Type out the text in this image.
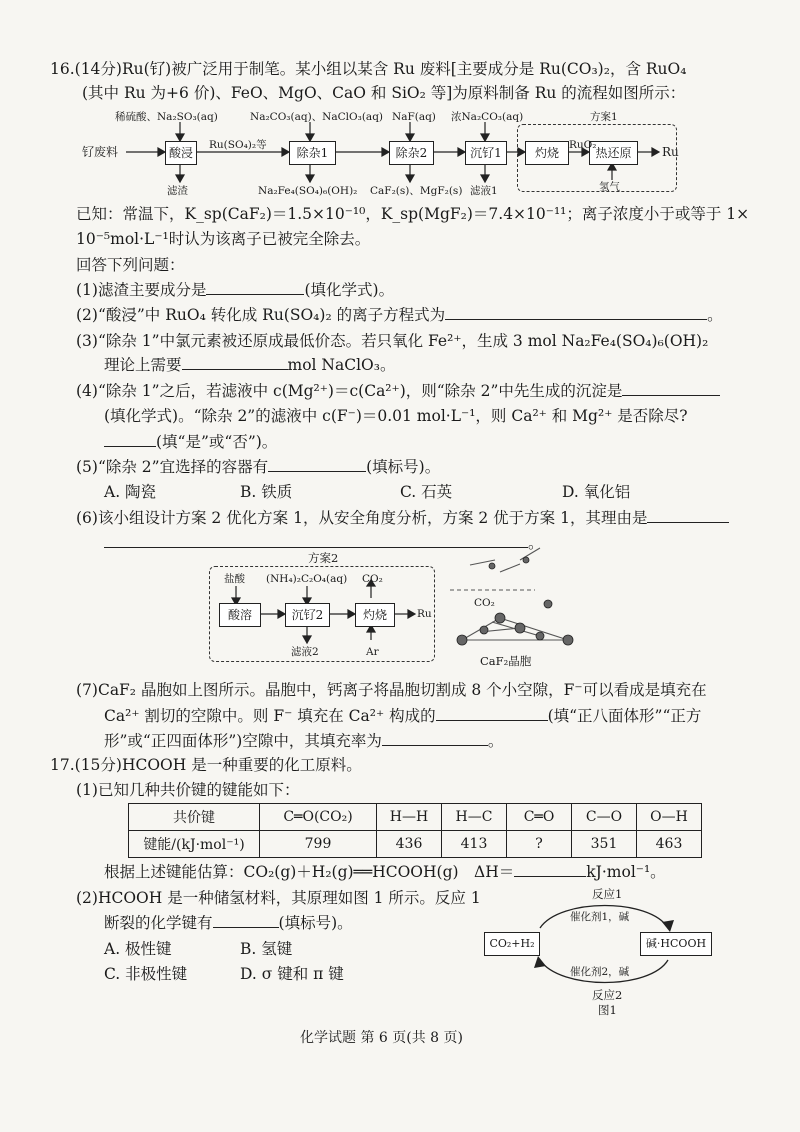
16.(14分)Ru(钌)被广泛用于制笔。某小组以某含 Ru 废料[主要成分是 Ru(CO₃)₂，含 RuO₄
(其中 Ru 为+6 价)、FeO、MgO、CaO 和 SiO₂ 等]为原料制备 Ru 的流程如图所示：
钌废料	酸浸	除杂1	除杂2	沉钌1	灼烧	热还原	Ru
方案1
稀硫酸、Na₂SO₃(aq)	Na₂CO₃(aq)、NaClO₃(aq) NaF(aq) 浓Na₂CO₃(aq)
Ru(SO₄)₂等	RuO₂
滤渣	Na₂Fe₄(SO₄)₆(OH)₂ CaF₂(s)、MgF₂(s) 滤液1	氢气
已知：常温下，K_sp(CaF₂)＝1.5×10⁻¹⁰，K_sp(MgF₂)＝7.4×10⁻¹¹；离子浓度小于或等于 1×
10⁻⁵mol·L⁻¹时认为该离子已被完全除去。
回答下列问题：
(1)滤渣主要成分是	(填化学式)。
(2)“酸浸”中 RuO₄ 转化成 Ru(SO₄)₂ 的离子方程式为	。
(3)“除杂 1”中氯元素被还原成最低价态。若只氧化 Fe²⁺，生成 3 mol Na₂Fe₄(SO₄)₆(OH)₂
理论上需要	mol NaClO₃。
(4)“除杂 1”之后，若滤液中 c(Mg²⁺)＝c(Ca²⁺)，则“除杂 2”中先生成的沉淀是
(填化学式)。“除杂 2”的滤液中 c(F⁻)＝0.01 mol·L⁻¹，则 Ca²⁺ 和 Mg²⁺ 是否除尽?
(填“是”或“否”)。
(5)“除杂 2”宜选择的容器有	(填标号)。
A. 陶瓷	B. 铁质	C. 石英	D. 氧化铝
(6)该小组设计方案 2 优化方案 1，从安全角度分析，方案 2 优于方案 1，其理由是
。
方案2
盐酸 (NH₄)₂C₂O₄(aq) CO₂
酸溶	沉钌2	灼烧	Ru
滤液2	Ar
CO₂
CaF₂晶胞
(7)CaF₂ 晶胞如上图所示。晶胞中，钙离子将晶胞切割成 8 个小空隙，F⁻可以看成是填充在
Ca²⁺ 割切的空隙中。则 F⁻ 填充在 Ca²⁺ 构成的	(填“正八面体形”“正方
形”或“正四面体形”)空隙中，其填充率为	。
17.(15分)HCOOH 是一种重要的化工原料。
(1)已知几种共价键的键能如下：
共价键	C═O(CO₂)	H—H	H—C	C═O	C—O	O—H
键能/(kJ·mol⁻¹)	799	436	413	?	351	463
根据上述键能估算：CO₂(g)＋H₂(g)══HCOOH(g)　ΔH＝	kJ·mol⁻¹。
(2)HCOOH 是一种储氢材料，其原理如图 1 所示。反应 1
断裂的化学键有	(填标号)。
A. 极性键	B. 氢键
C. 非极性键	D. σ 键和 π 键
反应1
催化剂1，碱
CO₂+H₂	碱·HCOOH
催化剂2，碱
反应2
图1
化学试题 第 6 页(共 8 页)
